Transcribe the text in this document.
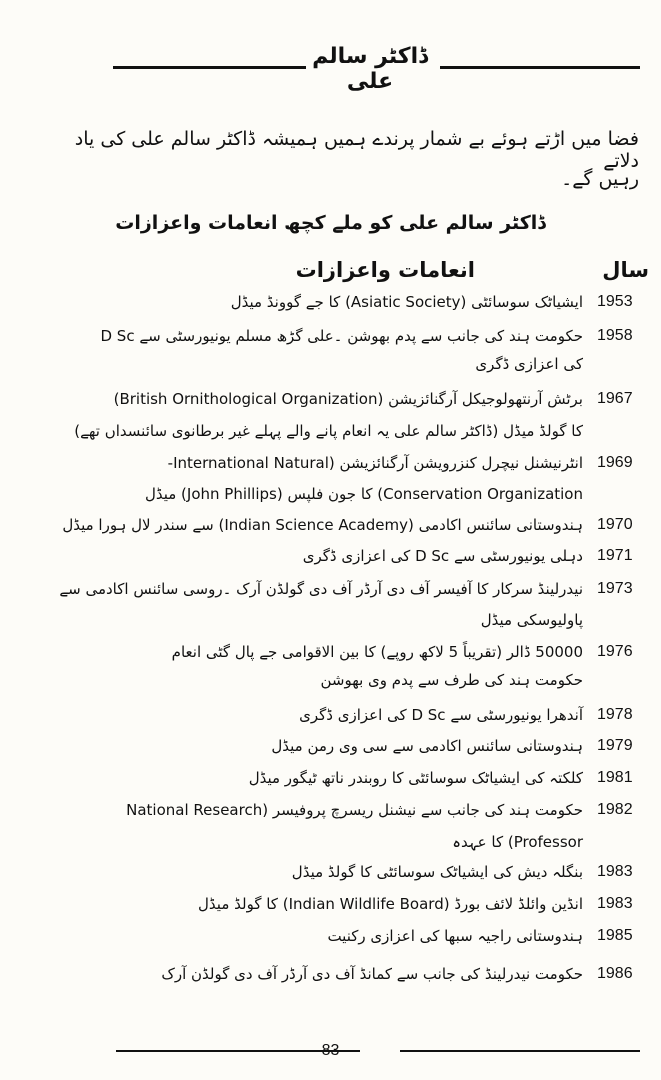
ڈاکٹر سالم علی
فضا میں اڑتے ہوئے بے شمار پرندے ہمیں ہمیشہ ڈاکٹر سالم علی کی یاد دلاتے
رہیں گے۔
ڈاکٹر سالم علی کو ملے کچھ انعامات واعزازات
سال
انعامات واعزازات
1953
ایشیاٹک سوسائٹی (Asiatic Society) کا جے گوونڈ میڈل
1958
حکومت ہند کی جانب سے پدم بھوشن ۔علی گڑھ مسلم یونیورسٹی سے D Sc
کی اعزازی ڈگری
1967
برٹش آرنتھولوجیکل آرگنائزیشن (British Ornithological Organization)
کا گولڈ میڈل (ڈاکٹر سالم علی یہ انعام پانے والے پہلے غیر برطانوی سائنسداں تھے)
1969
انٹرنیشنل نیچرل کنزرویشن آرگنائزیشن (International Natural-
Conservation Organization) کا جون فلپس (John Phillips) میڈل
1970
ہندوستانی سائنس اکادمی (Indian Science Academy) سے سندر لال ہورا میڈل
1971
دہلی یونیورسٹی سے D Sc کی اعزازی ڈگری
1973
نیدرلینڈ سرکار کا آفیسر آف دی آرڈر آف دی گولڈن آرک ۔روسی سائنس اکادمی سے
پاولیوسکی میڈل
1976
50000 ڈالر (تقریباً 5 لاکھ روپے) کا بین الاقوامی جے پال گٹی انعام
حکومت ہند کی طرف سے پدم وی بھوشن
1978
آندھرا یونیورسٹی سے D Sc کی اعزازی ڈگری
1979
ہندوستانی سائنس اکادمی سے سی وی رمن میڈل
1981
کلکتہ کی ایشیاٹک سوسائٹی کا روبندر ناتھ ٹیگور میڈل
1982
حکومت ہند کی جانب سے نیشنل ریسرچ پروفیسر (National Research
Professor) کا عہدہ
1983
بنگلہ دیش کی ایشیاٹک سوسائٹی کا گولڈ میڈل
1983
انڈین وائلڈ لائف بورڈ (Indian Wildlife Board) کا گولڈ میڈل
1985
ہندوستانی راجیہ سبھا کی اعزازی رکنیت
1986
حکومت نیدرلینڈ کی جانب سے کمانڈ آف دی آرڈر آف دی گولڈن آرک
83
